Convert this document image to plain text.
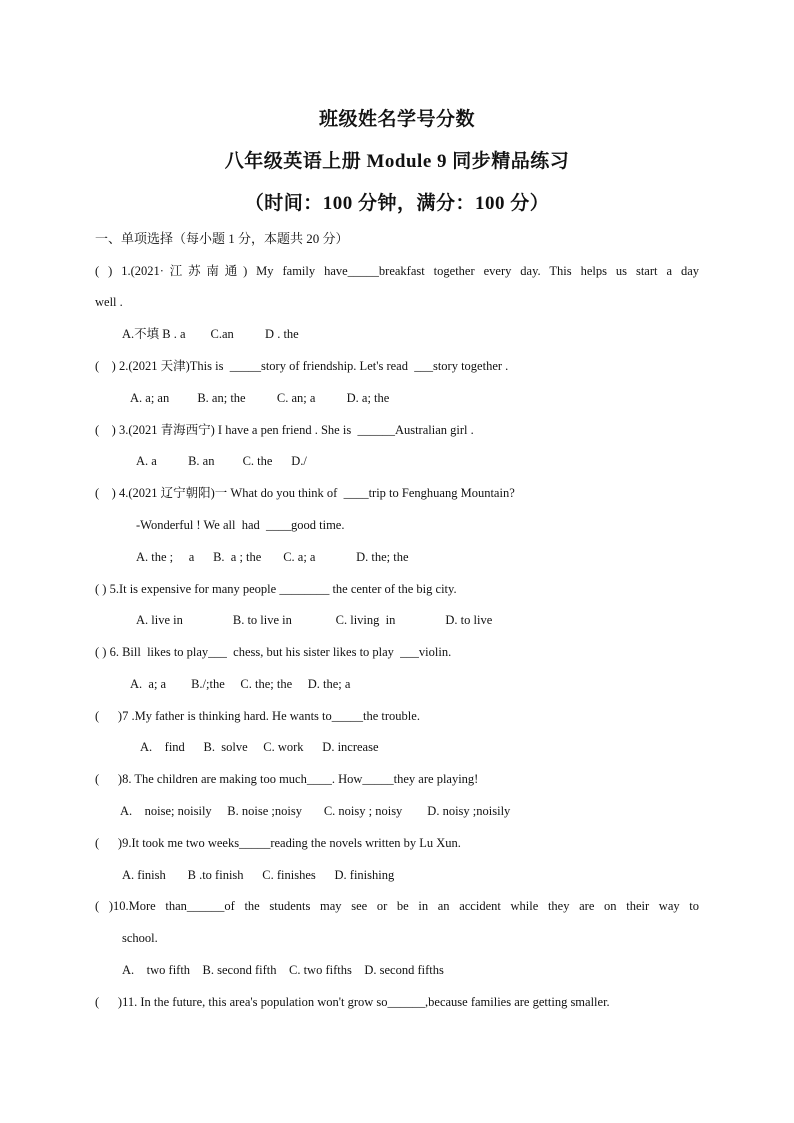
班级姓名学号分数
八年级英语上册 Module 9 同步精品练习
（时间：100 分钟，满分：100 分）
一、单项选择（每小题 1 分，本题共 20 分）
( ) 1.(2021·江苏南通) My family have_____breakfast together every day. This helps us start a day
well .
A.不填 B . a        C.an          D . the
(    ) 2.(2021 天津)This is  _____story of friendship. Let's read  ___story together .
A. a; an         B. an; the          C. an; a          D. a; the
(    ) 3.(2021 青海西宁) I have a pen friend . She is  ______Australian girl .
A. a          B. an         C. the      D./
(    ) 4.(2021 辽宁朝阳)一 What do you think of  ____trip to Fenghuang Mountain?
-Wonderful ! We all  had  ____good time.
A. the ;     a      B.  a ; the       C. a; a             D. the; the
( ) 5.It is expensive for many people ________ the center of the big city.
A. live in                B. to live in              C. living  in                D. to live
( ) 6. Bill  likes to play___  chess, but his sister likes to play  ___violin.
A.  a; a        B./;the     C. the; the     D. the; a
(      )7 .My father is thinking hard. He wants to_____the trouble.
A.    find      B.  solve     C. work      D. increase
(      )8. The children are making too much____. How_____they are playing!
A.    noise; noisily     B. noise ;noisy       C. noisy ; noisy        D. noisy ;noisily
(      )9.It took me two weeks_____reading the novels written by Lu Xun.
A. finish       B .to finish      C. finishes      D. finishing
( )10.More than______of the students may see or be in an accident while they are on their way to
school.
A.    two fifth    B. second fifth    C. two fifths    D. second fifths
(      )11. In the future, this area's population won't grow so______,because families are getting smaller.
